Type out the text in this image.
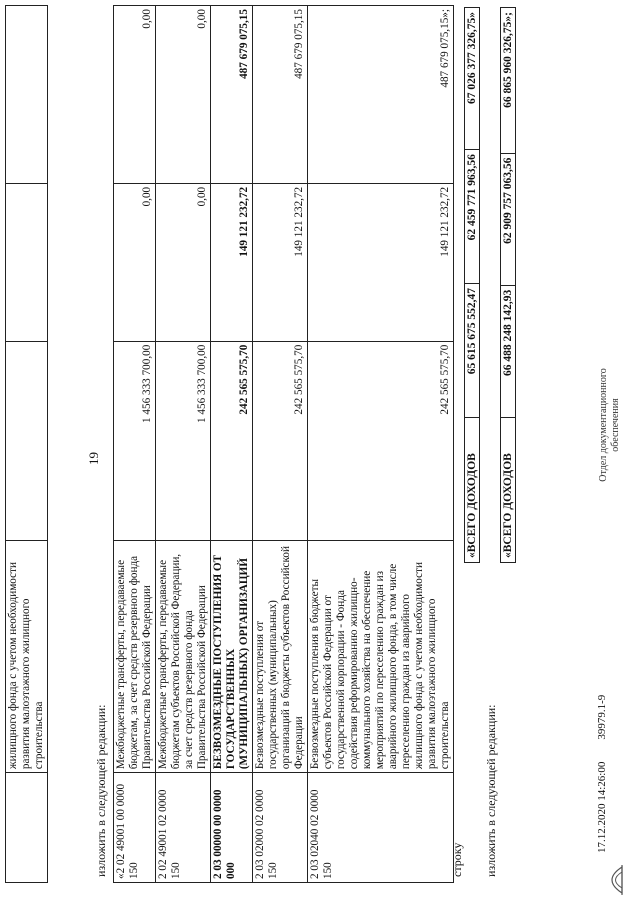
19
	жилищного фонда с учетом необходимости развития малоэтажного жилищного строительства				изложить в следующей редакции: «2 02 49001 00 0000 150	Межбюджетные трансферты, передаваемые бюджетам, за счет средств резервного фонда Правительства Российской Федерации	1 456 333 700,00	0,00	0,00
2 02 49001 02 0000 150	Межбюджетные трансферты, передаваемые бюджетам субъектов Российской Федерации, за счет средств резервного фонда Правительства Российской Федерации	1 456 333 700,00	0,00	0,00
2 03 00000 00 0000 000	БЕЗВОЗМЕЗДНЫЕ ПОСТУПЛЕНИЯ ОТ ГОСУДАРСТВЕННЫХ (МУНИЦИПАЛЬНЫХ) ОРГАНИЗАЦИЙ	242 565 575,70	149 121 232,72	487 679 075,15
2 03 02000 02 0000 150	Безвозмездные поступления от государственных (муниципальных) организаций в бюджеты субъектов Российской Федерации	242 565 575,70	149 121 232,72	487 679 075,15
2 03 02040 02 0000 150	Безвозмездные поступления в бюджеты субъектов Российской Федерации от государственной корпорации - Фонда содействия реформированию жилищно-коммунального хозяйства на обеспечение мероприятий по переселению граждан из аварийного жилищного фонда, в том числе переселению граждан из аварийного жилищного фонда с учетом необходимости развития малоэтажного жилищного строительства	242 565 575,70	149 121 232,72	487 679 075,15»;
строку
«ВСЕГО ДОХОДОВ	65 615 675 552,47	62 459 771 963,56	67 026 377 326,75»
изложить в следующей редакции:
«ВСЕГО ДОХОДОВ	66 488 248 142,93	62 909 757 063,56	66 865 960 326,75»;
17.12.2020 14:26:00
39979.1-9
Отдел документационного обеспечения
